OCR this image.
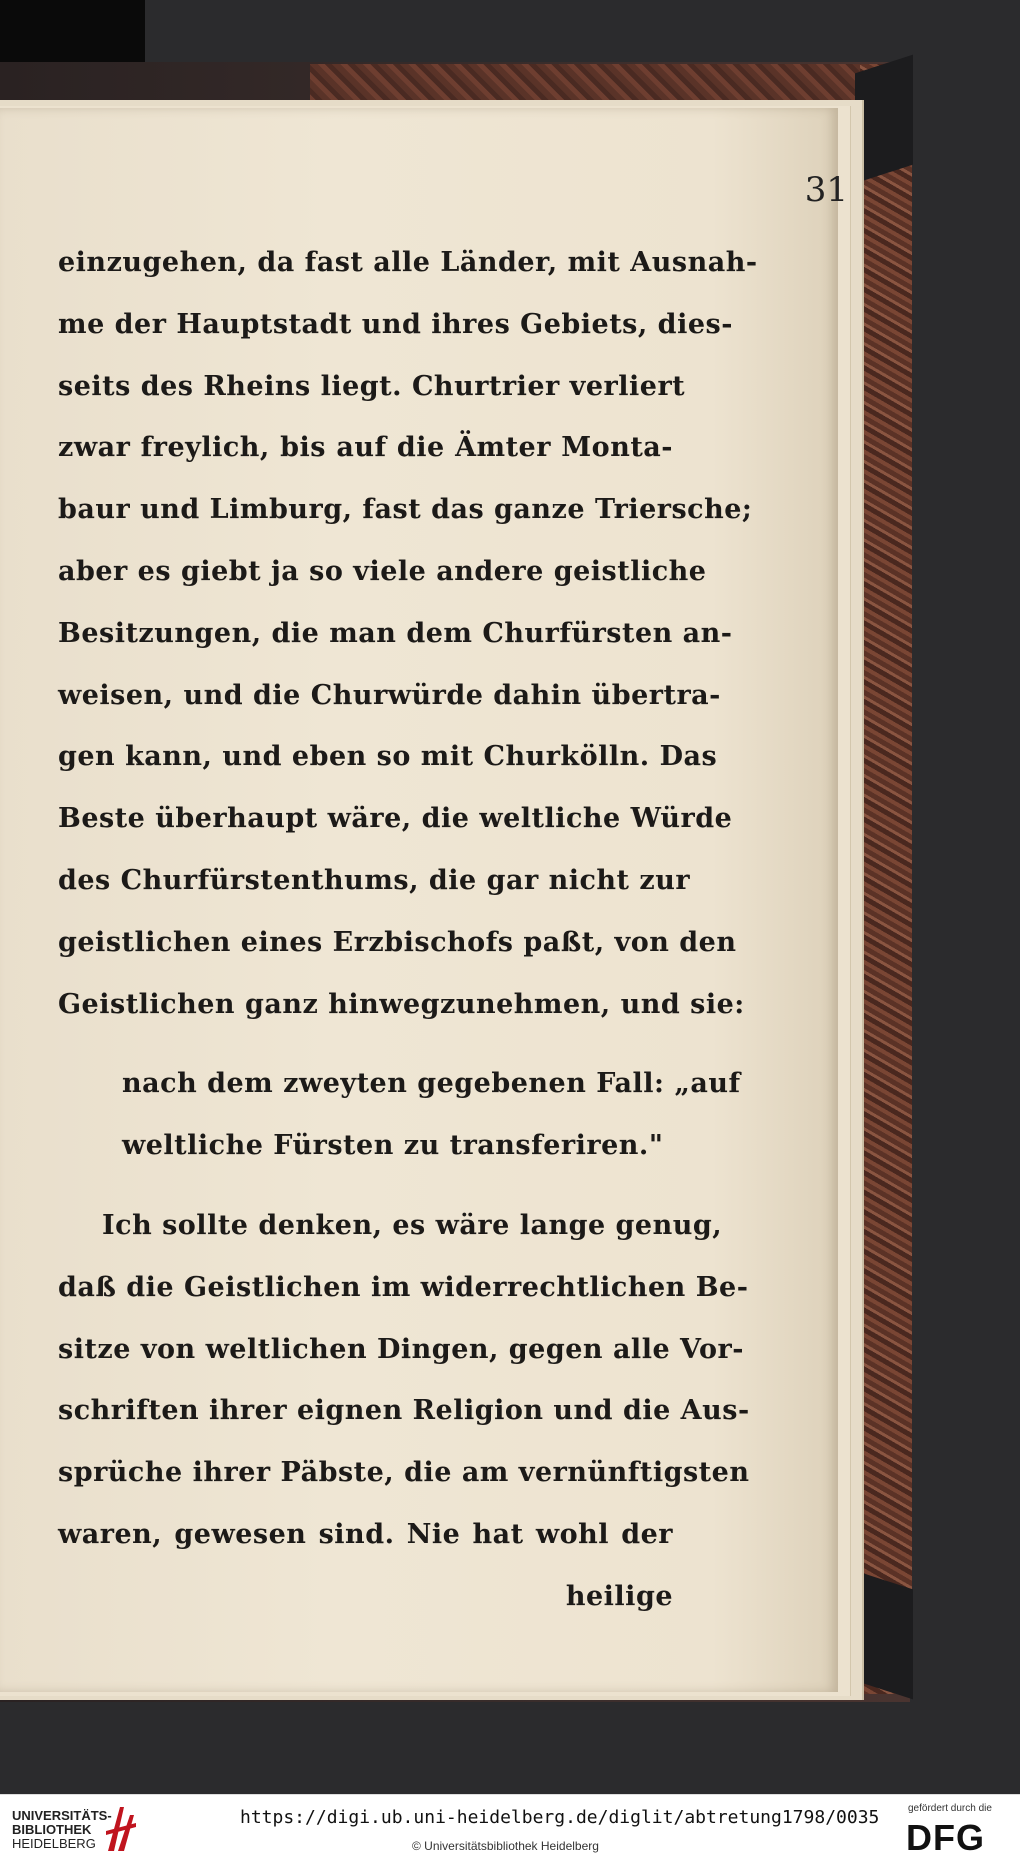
31
einzugehen, da fast alle Länder, mit Ausnah-
me der Hauptstadt und ihres Gebiets, dies-
seits des Rheins liegt. Churtrier verliert
zwar freylich, bis auf die Ämter Monta-
baur und Limburg, fast das ganze Triersche;
aber es giebt ja so viele andere geistliche
Besitzungen, die man dem Churfürsten an-
weisen, und die Churwürde dahin übertra-
gen kann, und eben so mit Churkölln. Das
Beste überhaupt wäre, die weltliche Würde
des Churfürstenthums, die gar nicht zur
geistlichen eines Erzbischofs paßt, von den
Geistlichen ganz hinwegzunehmen, und sie:
nach dem zweyten gegebenen Fall: „auf
weltliche Fürsten zu transferiren."
Ich sollte denken, es wäre lange genug,
daß die Geistlichen im widerrechtlichen Be-
sitze von weltlichen Dingen, gegen alle Vor-
schriften ihrer eignen Religion und die Aus-
sprüche ihrer Päbste, die am vernünftigsten
waren, gewesen sind. Nie hat wohl der
heilige
UNIVERSITÄTS-
BIBLIOTHEK
HEIDELBERG
https://digi.ub.uni-heidelberg.de/diglit/abtretung1798/0035
© Universitätsbibliothek Heidelberg
gefördert durch die
DFG
